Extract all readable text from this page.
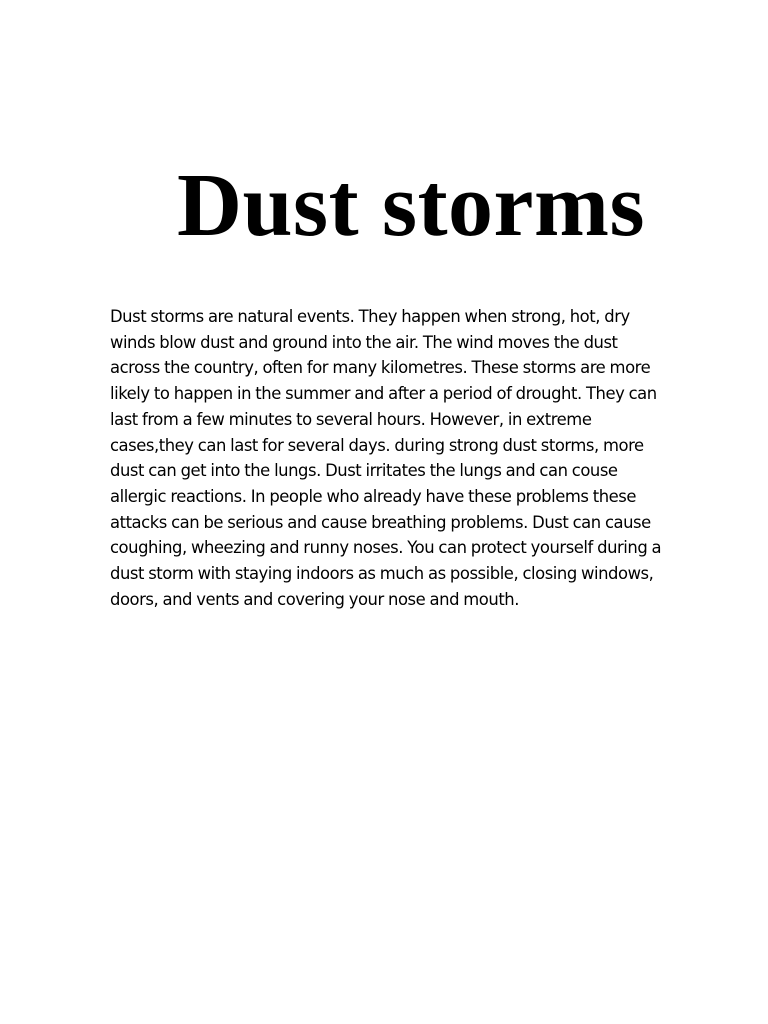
Dust storms
Dust storms are natural events. They happen when strong, hot, dry
winds blow dust and ground into the air. The wind moves the dust
across the country, often for many kilometres. These storms are more
likely to happen in the summer and after a period of drought. They can
last from a few minutes to several hours. However, in extreme
cases,they can last for several days. during strong dust storms, more
dust can get into the lungs. Dust irritates the lungs and can couse
allergic reactions. In people who already have these problems these
attacks can be serious and cause breathing problems. Dust can cause
coughing, wheezing and runny noses. You can protect yourself during a
dust storm with staying indoors as much as possible, closing windows,
doors, and vents and covering your nose and mouth.
